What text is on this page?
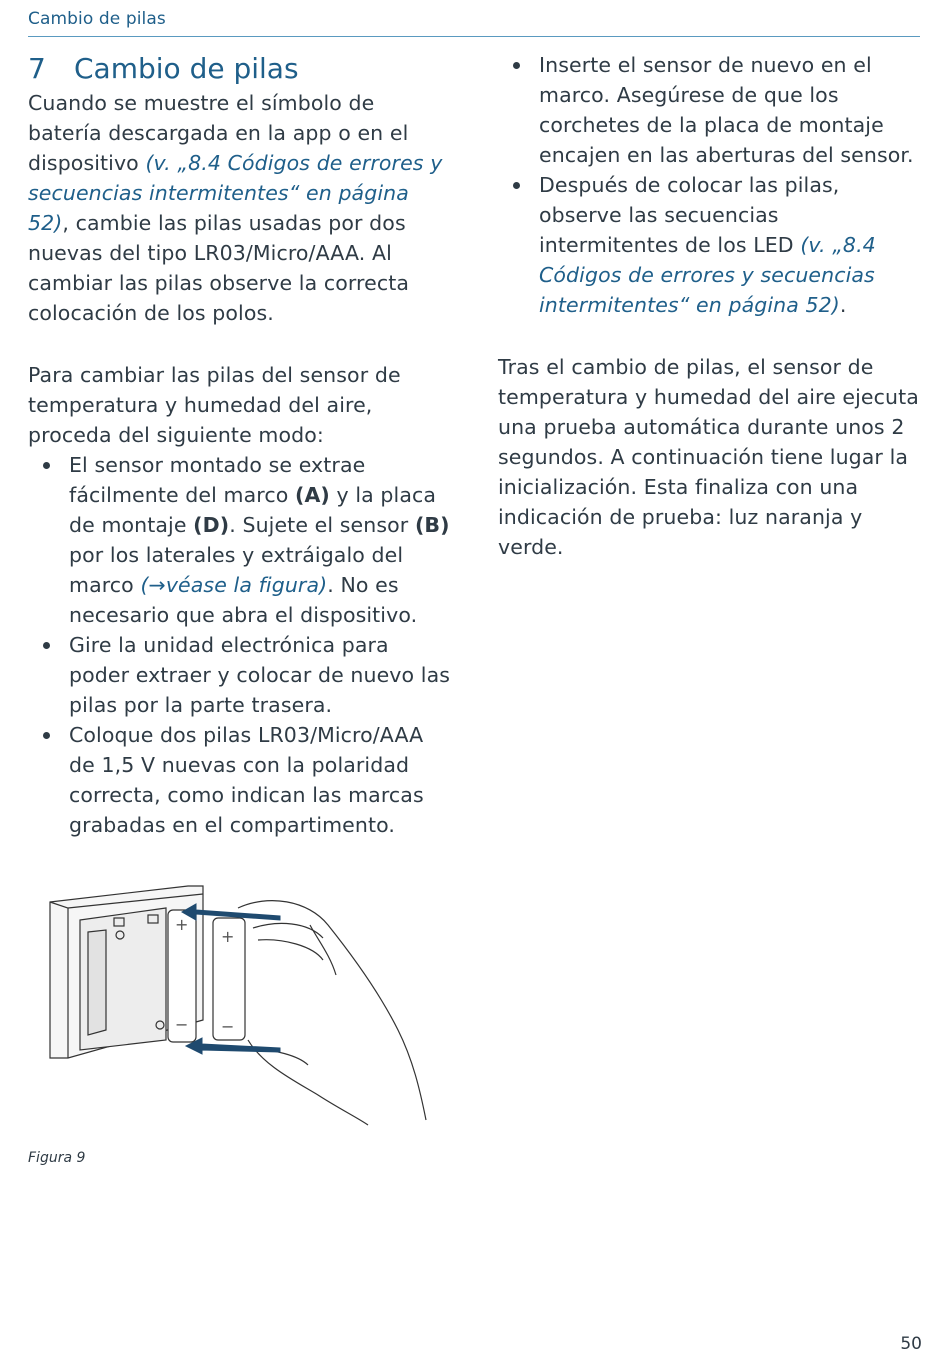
Cambio de pilas
7 Cambio de pilas

Cuando se muestre el símbolo de batería descargada en la app o en el dispositivo (v. „8.4 Códigos de errores y secuencias intermitentes“ en página 52), cambie las pilas usadas por dos nuevas del tipo LR03/Micro/AAA. Al cambiar las pilas observe la correcta colocación de los polos.

Para cambiar las pilas del sensor de temperatura y humedad del aire, proceda del siguiente modo:

El sensor montado se extrae fácilmente del marco (A) y la placa de montaje (D). Sujete el sensor (B) por los laterales y extráigalo del marco (→véase la figura). No es necesario que abra el dispositivo.
Gire la unidad electrónica para poder extraer y colocar de nuevo las pilas por la parte trasera.
Coloque dos pilas LR03/Micro/AAA de 1,5 V nuevas con la polaridad correcta, como indican las marcas grabadas en el compartimento.
Inserte el sensor de nuevo en el marco. Asegúrese de que los corchetes de la placa de montaje encajen en las aberturas del sensor.
Después de colocar las pilas, observe las secuencias intermitentes de los LED (v. „8.4 Códigos de errores y secuencias intermitentes“ en página 52).

Tras el cambio de pilas, el sensor de temperatura y humedad del aire ejecuta una prueba automática durante unos 2 segundos. A continuación tiene lugar la inicialización. Esta finaliza con una indicación de prueba: luz naranja y verde.

+
−
+
−
Figura 9
50
